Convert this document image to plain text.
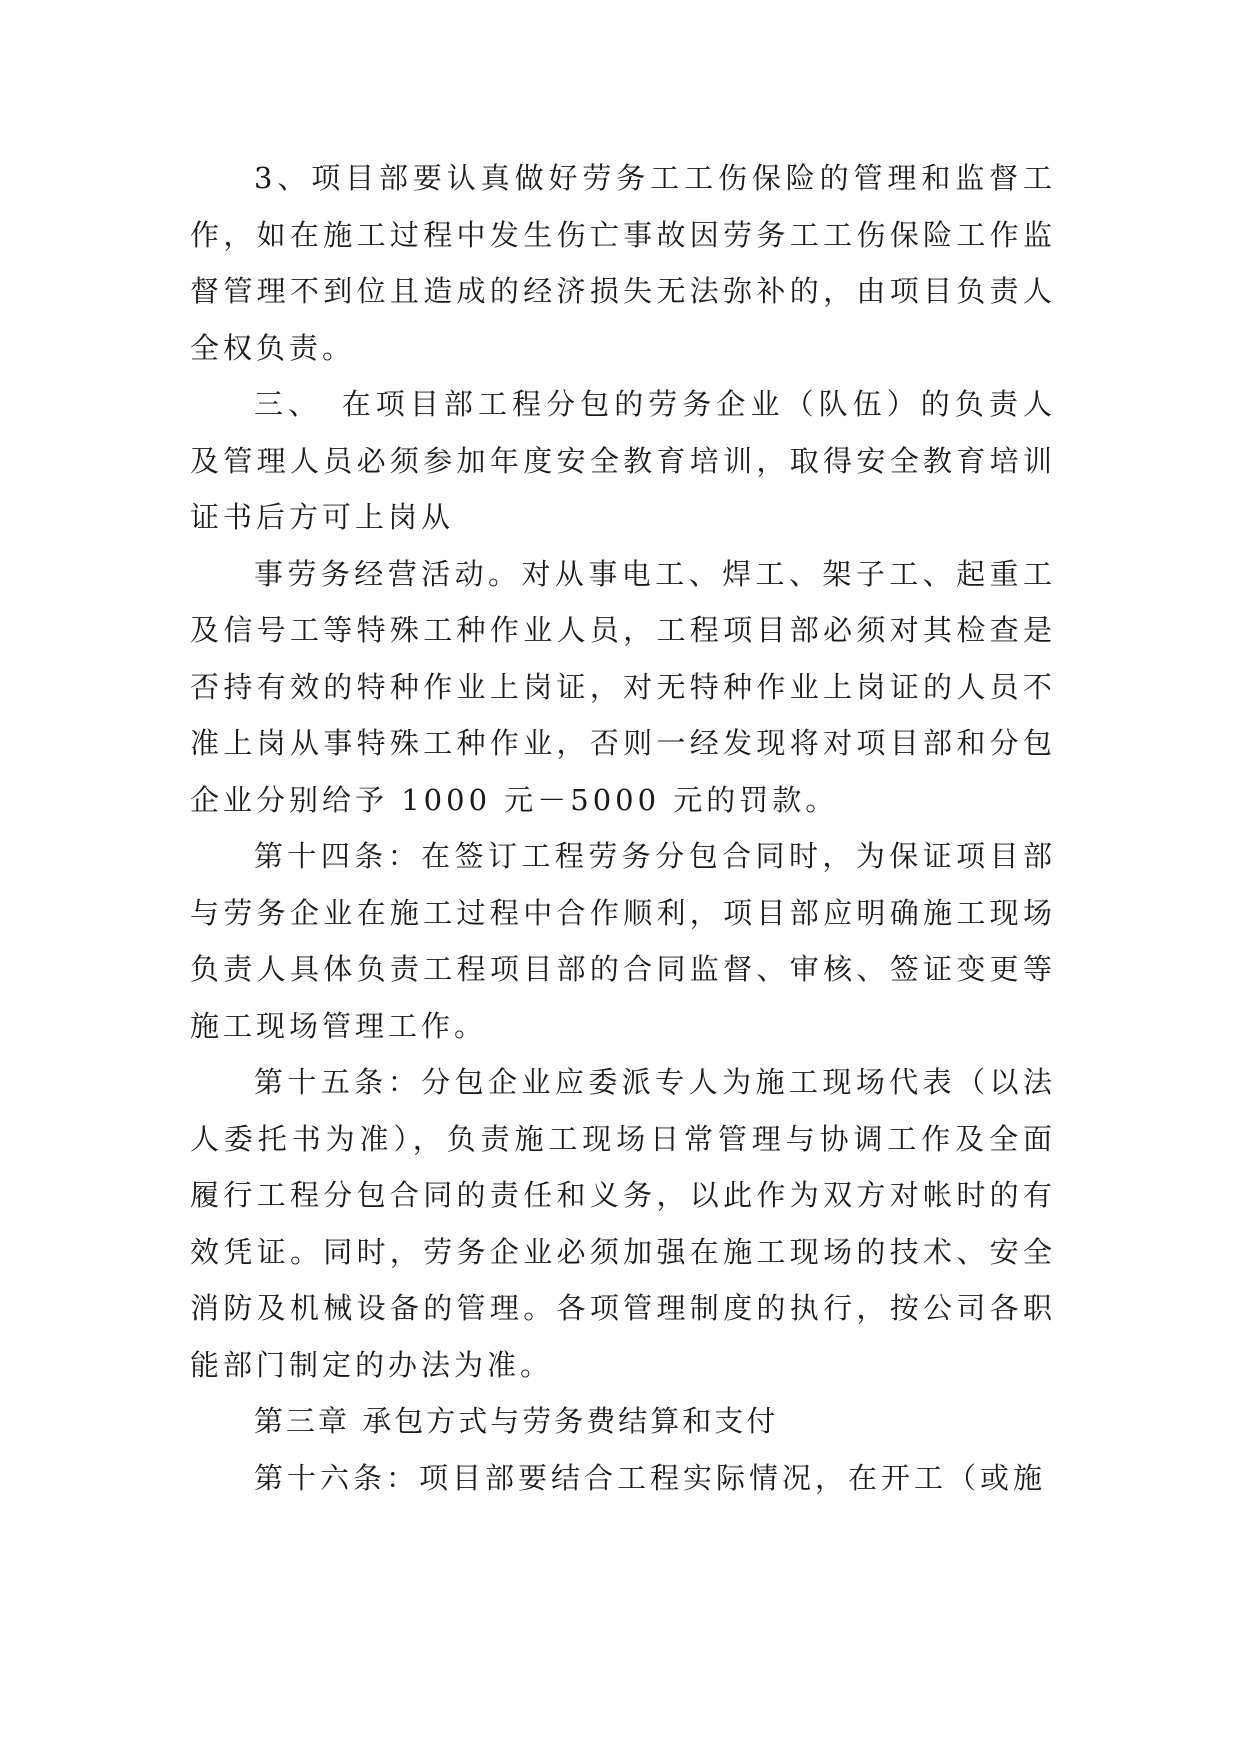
3、项目部要认真做好劳务工工伤保险的管理和监督工作，如在施工过程中发生伤亡事故因劳务工工伤保险工作监督管理不到位且造成的经济损失无法弥补的，由项目负责人全权负责。

三、　在项目部工程分包的劳务企业（队伍）的负责人及管理人员必须参加年度安全教育培训，取得安全教育培训证书后方可上岗从

事劳务经营活动。对从事电工、焊工、架子工、起重工及信号工等特殊工种作业人员，工程项目部必须对其检查是否持有效的特种作业上岗证，对无特种作业上岗证的人员不准上岗从事特殊工种作业，否则一经发现将对项目部和分包企业分别给予 1000 元－5000 元的罚款。

第十四条：在签订工程劳务分包合同时，为保证项目部与劳务企业在施工过程中合作顺利，项目部应明确施工现场负责人具体负责工程项目部的合同监督、审核、签证变更等施工现场管理工作。

第十五条：分包企业应委派专人为施工现场代表（以法人委托书为准），负责施工现场日常管理与协调工作及全面履行工程分包合同的责任和义务，以此作为双方对帐时的有效凭证。同时，劳务企业必须加强在施工现场的技术、安全消防及机械设备的管理。各项管理制度的执行，按公司各职能部门制定的办法为准。

第三章 承包方式与劳务费结算和支付

第十六条：项目部要结合工程实际情况，在开工（或施
